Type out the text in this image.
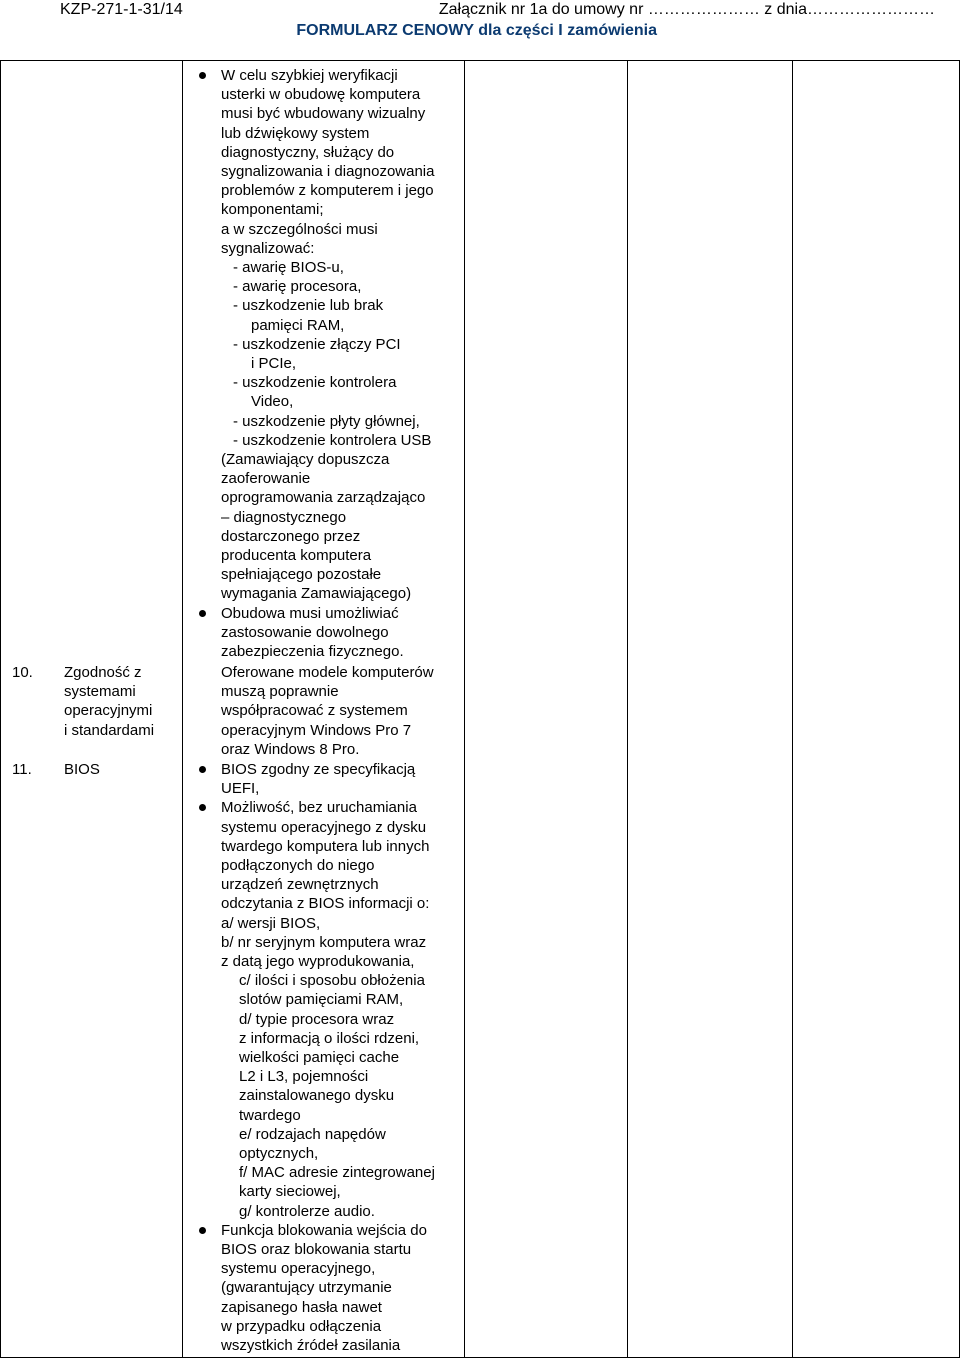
KZP-271-1-31/14	Załącznik nr 1a do umowy nr ………………… z dnia……………………
FORMULARZ CENOWY dla części I zamówienia
W celu szybkiej weryfikacji
usterki w obudowę komputera
musi być wbudowany wizualny
lub dźwiękowy system
diagnostyczny, służący do
sygnalizowania i diagnozowania
problemów z komputerem i jego
komponentami;
a w szczególności musi
sygnalizować:
- awarię BIOS-u,
- awarię procesora,
- uszkodzenie lub brak
pamięci RAM,
- uszkodzenie złączy PCI
i PCIe,
- uszkodzenie kontrolera
Video,
- uszkodzenie płyty głównej,
- uszkodzenie kontrolera USB
(Zamawiający dopuszcza
zaoferowanie
oprogramowania zarządzająco
– diagnostycznego
dostarczonego przez
producenta komputera
spełniającego pozostałe
wymagania Zamawiającego)
Obudowa musi umożliwiać
zastosowanie dowolnego
zabezpieczenia fizycznego.
10. Zgodność z
systemami
operacyjnymi
i standardami
Oferowane modele komputerów
muszą poprawnie
współpracować z systemem
operacyjnym Windows Pro 7
oraz Windows 8 Pro.
11. BIOS	BIOS zgodny ze specyfikacją
UEFI,
Możliwość, bez uruchamiania
systemu operacyjnego z dysku
twardego komputera lub innych
podłączonych do niego
urządzeń zewnętrznych
odczytania z BIOS informacji o:
a/ wersji BIOS,
b/ nr seryjnym komputera wraz
z datą jego wyprodukowania,
c/ ilości i sposobu obłożenia
slotów pamięciami RAM,
d/ typie procesora wraz
z informacją o ilości rdzeni,
wielkości pamięci cache
L2 i L3, pojemności
zainstalowanego dysku
twardego
e/ rodzajach napędów
optycznych,
f/ MAC adresie zintegrowanej
karty sieciowej,
g/ kontrolerze audio.
Funkcja blokowania wejścia do
BIOS oraz blokowania startu
systemu operacyjnego,
(gwarantujący utrzymanie
zapisanego hasła nawet
w przypadku odłączenia
wszystkich źródeł zasilania
